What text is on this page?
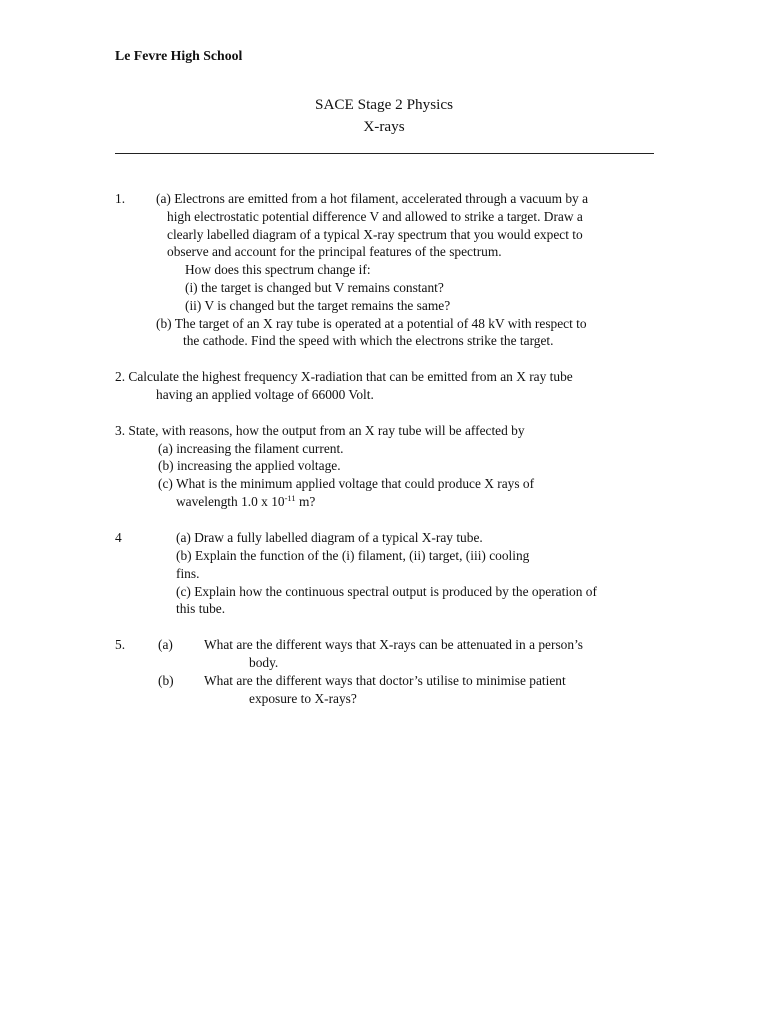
Le Fevre High School
SACE Stage 2 Physics
X-rays
1. (a) Electrons are emitted from a hot filament, accelerated through a vacuum by a
high electrostatic potential difference V and allowed to strike a target. Draw a
clearly labelled diagram of a typical X-ray spectrum that you would expect to
observe and account for the principal features of the spectrum.
How does this spectrum change if:
(i) the target is changed but V remains constant?
(ii) V is changed but the target remains the same?
(b) The target of an X ray tube is operated at a potential of 48 kV with respect to
the cathode. Find the speed with which the electrons strike the target.
2. Calculate the highest frequency X-radiation that can be emitted from an X ray tube
having an applied voltage of 66000 Volt.
3. State, with reasons, how the output from an X ray tube will be affected by
(a) increasing the filament current.
(b) increasing the applied voltage.
(c) What is the minimum applied voltage that could produce X rays of
wavelength 1.0 x $10^{-11}$ m?
4	(a) Draw a fully labelled diagram of a typical X-ray tube.
(b) Explain the function of the (i) filament, (ii) target, (iii) cooling
fins.
(c) Explain how the continuous spectral output is produced by the operation of
this tube.
5. (a) What are the different ways that X-rays can be attenuated in a person’s
body.
(b) What are the different ways that doctor’s utilise to minimise patient
exposure to X-rays?
